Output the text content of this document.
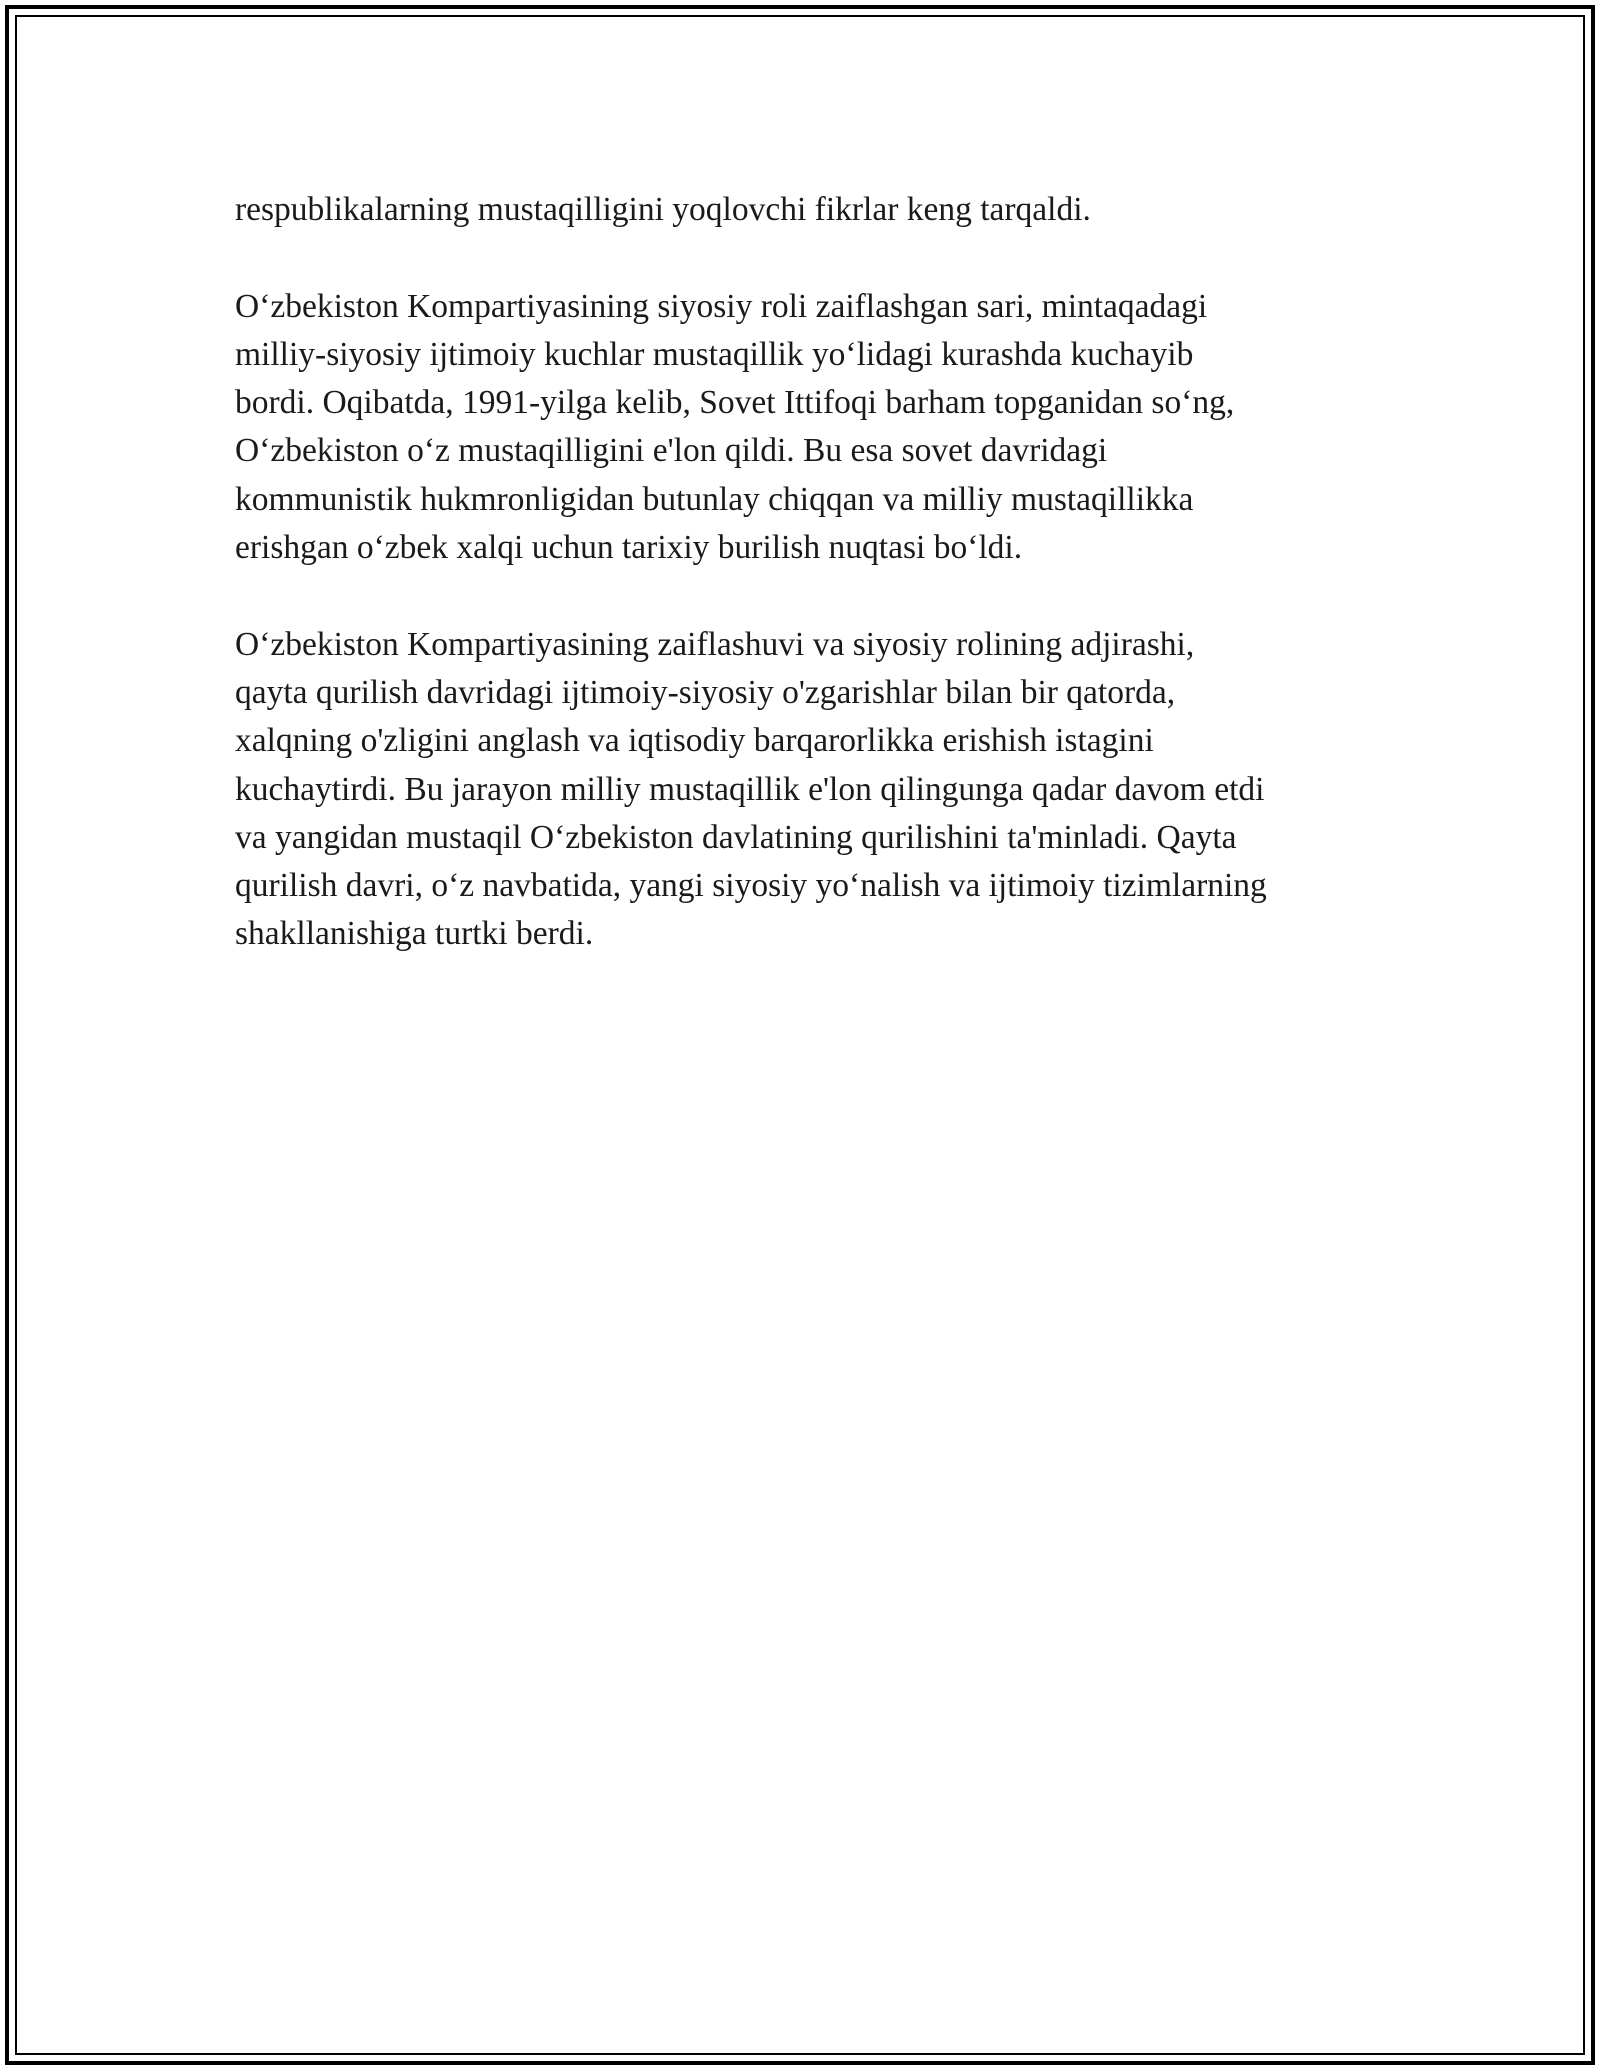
respublikalarning mustaqilligini yoqlovchi fikrlar keng tarqaldi.

O‘zbekiston Kompartiyasining siyosiy roli zaiflashgan sari, mintaqadagi
milliy-siyosiy ijtimoiy kuchlar mustaqillik yo‘lidagi kurashda kuchayib
bordi. Oqibatda, 1991-yilga kelib, Sovet Ittifoqi barham topganidan so‘ng,
O‘zbekiston o‘z mustaqilligini e'lon qildi. Bu esa sovet davridagi
kommunistik hukmronligidan butunlay chiqqan va milliy mustaqillikka
erishgan o‘zbek xalqi uchun tarixiy burilish nuqtasi bo‘ldi.

O‘zbekiston Kompartiyasining zaiflashuvi va siyosiy rolining adjirashi,
qayta qurilish davridagi ijtimoiy-siyosiy o'zgarishlar bilan bir qatorda,
xalqning o'zligini anglash va iqtisodiy barqarorlikka erishish istagini
kuchaytirdi. Bu jarayon milliy mustaqillik e'lon qilingunga qadar davom etdi
va yangidan mustaqil O‘zbekiston davlatining qurilishini ta'minladi. Qayta
qurilish davri, o‘z navbatida, yangi siyosiy yo‘nalish va ijtimoiy tizimlarning
shakllanishiga turtki berdi.
